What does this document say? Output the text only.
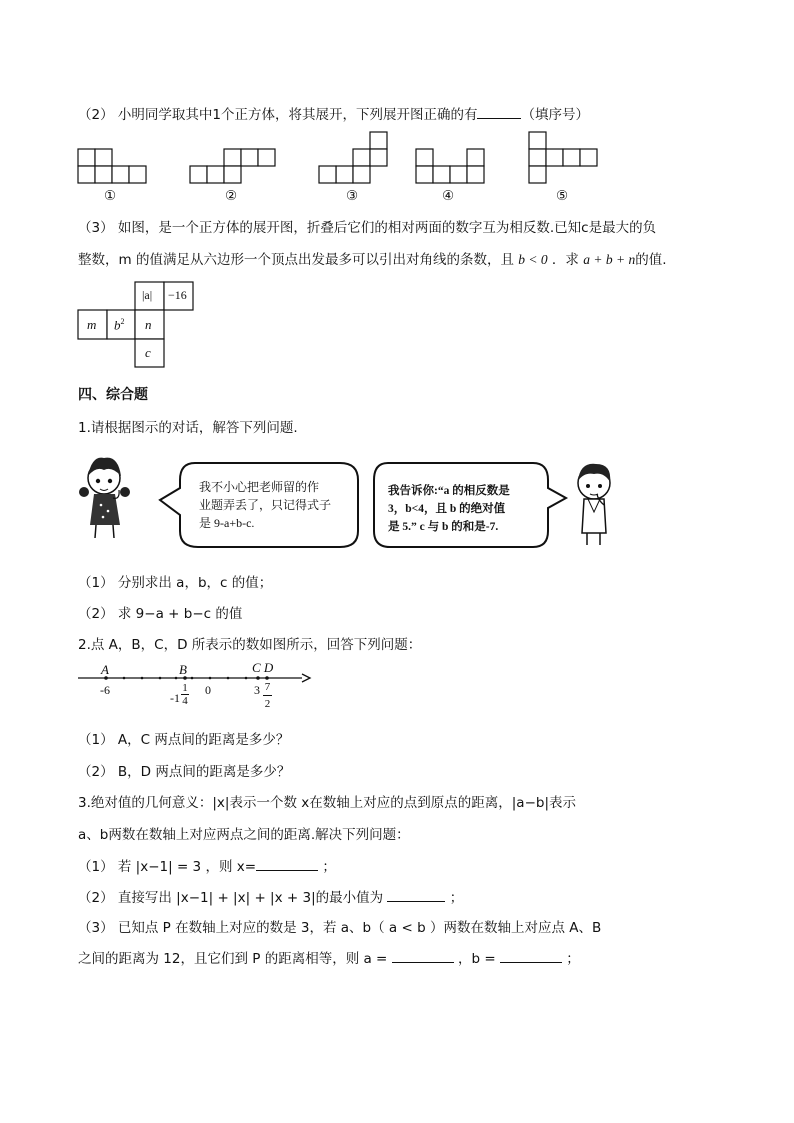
（2） 小明同学取其中1个正方体，将其展开，下列展开图正确的有	（填序号）
①	②	③	④	⑤
（3） 如图，是一个正方体的展开图，折叠后它们的相对两面的数字互为相反数.已知c是最大的负
整数，m 的值满足从六边形一个顶点出发最多可以引出对角线的条数，且 b < 0 ．求 a + b + n的值.
|a| −16
m $b^2$ n
c
四、综合题
1.请根据图示的对话，解答下列问题.
我不小心把老师留的作
业题弄丢了，只记得式子
是 9-a+b-c.
我告诉你:“a 的相反数是
3，b<4，且 b 的绝对值
是 5.” c 与 b 的和是-7.
（1） 分别求出 a，b，c 的值；
（2） 求 9−a + b−c 的值
2.点 A，B，C，D 所表示的数如图所示，回答下列问题：
A	B	C D
-6
-1
1
4
0	3 7
2
（1） A，C 两点间的距离是多少？
（2） B，D 两点间的距离是多少？
3.绝对值的几何意义：|x|表示一个数 x在数轴上对应的点到原点的距离，|a−b|表示
a、b两数在数轴上对应两点之间的距离.解决下列问题：
（1） 若 |x−1| = 3 ，则 x=	；
（2） 直接写出 |x−1| + |x| + |x + 3|的最小值为	；
（3） 已知点 P 在数轴上对应的数是 3，若 a、b（ a < b ）两数在数轴上对应点 A、B
之间的距离为 12，且它们到 P 的距离相等，则 a =	，b =	；
